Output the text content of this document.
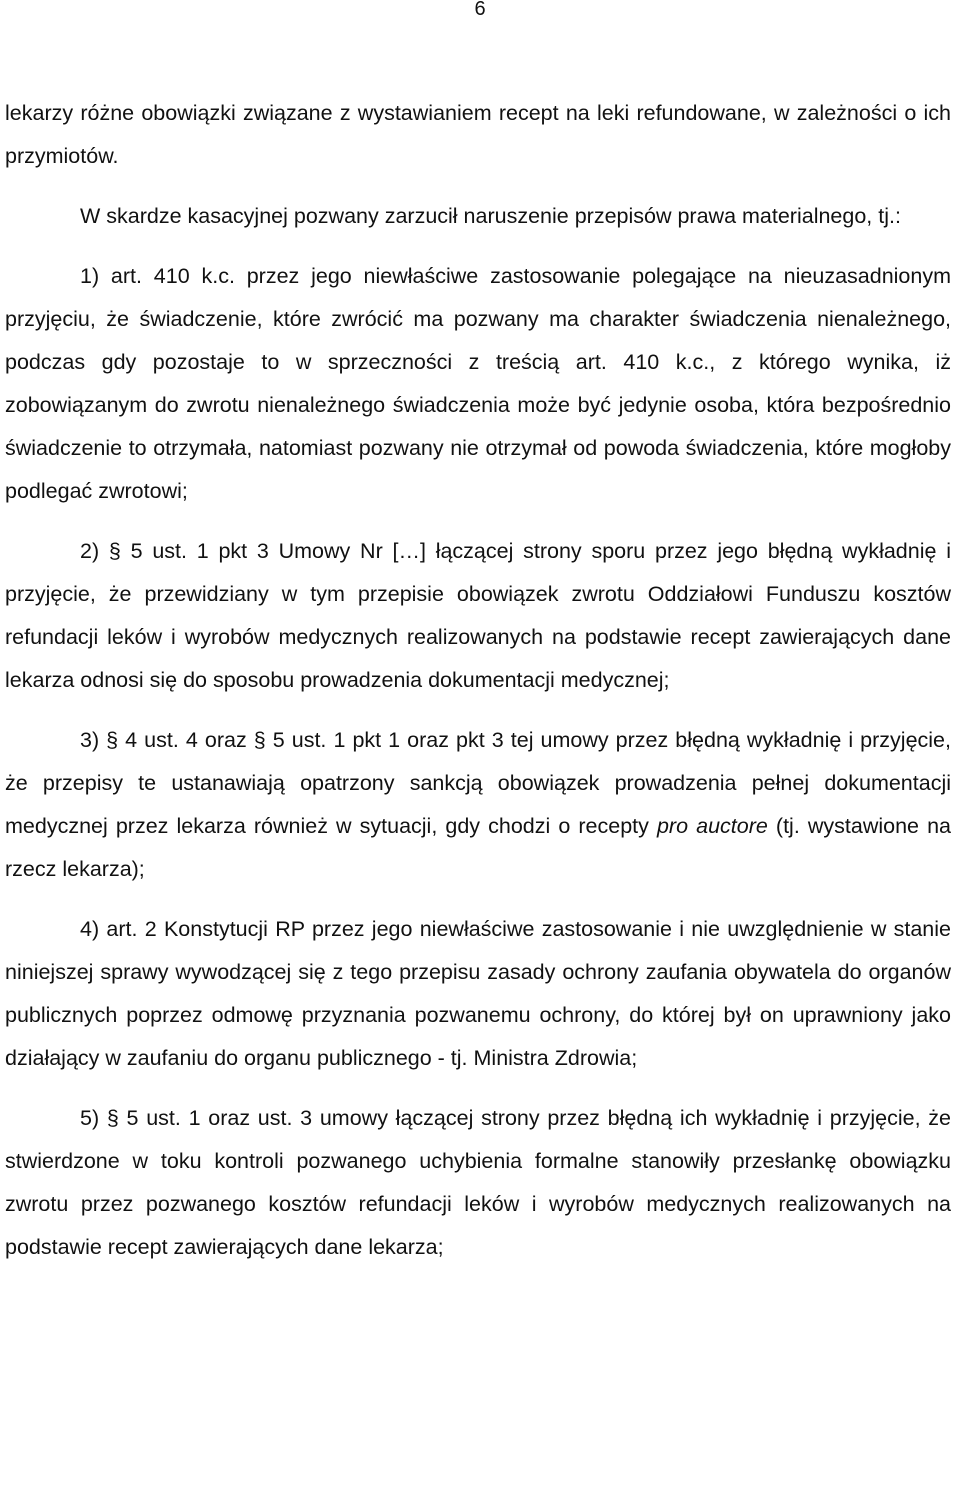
6

lekarzy różne obowiązki związane z wystawianiem recept na leki refundowane, w zależności o ich przymiotów.

W skardze kasacyjnej pozwany zarzucił naruszenie przepisów prawa materialnego, tj.:

1) art. 410 k.c. przez jego niewłaściwe zastosowanie polegające na nieuzasadnionym przyjęciu, że świadczenie, które zwrócić ma pozwany ma charakter świadczenia nienależnego, podczas gdy pozostaje to w sprzeczności z treścią art. 410 k.c., z którego wynika, iż zobowiązanym do zwrotu nienależnego świadczenia może być jedynie osoba, która bezpośrednio świadczenie to otrzymała, natomiast pozwany nie otrzymał od powoda świadczenia, które mogłoby podlegać zwrotowi;

2) § 5 ust. 1 pkt 3 Umowy Nr […] łączącej strony sporu przez jego błędną wykładnię i przyjęcie, że przewidziany w tym przepisie obowiązek zwrotu Oddziałowi Funduszu kosztów refundacji leków i wyrobów medycznych realizowanych na podstawie recept zawierających dane lekarza odnosi się do sposobu prowadzenia dokumentacji medycznej;

3) § 4 ust. 4 oraz § 5 ust. 1 pkt 1 oraz pkt 3 tej umowy przez błędną wykładnię i przyjęcie, że przepisy te ustanawiają opatrzony sankcją obowiązek prowadzenia pełnej dokumentacji medycznej przez lekarza również w sytuacji, gdy chodzi o recepty pro auctore (tj. wystawione na rzecz lekarza);

4) art. 2 Konstytucji RP przez jego niewłaściwe zastosowanie i nie uwzględnienie w stanie niniejszej sprawy wywodzącej się z tego przepisu zasady ochrony zaufania obywatela do organów publicznych poprzez odmowę przyznania pozwanemu ochrony, do której był on uprawniony jako działający w zaufaniu do organu publicznego - tj. Ministra Zdrowia;

5) § 5 ust. 1 oraz ust. 3 umowy łączącej strony przez błędną ich wykładnię i przyjęcie, że stwierdzone w toku kontroli pozwanego uchybienia formalne stanowiły przesłankę obowiązku zwrotu przez pozwanego kosztów refundacji leków i wyrobów medycznych realizowanych na podstawie recept zawierających dane lekarza;
